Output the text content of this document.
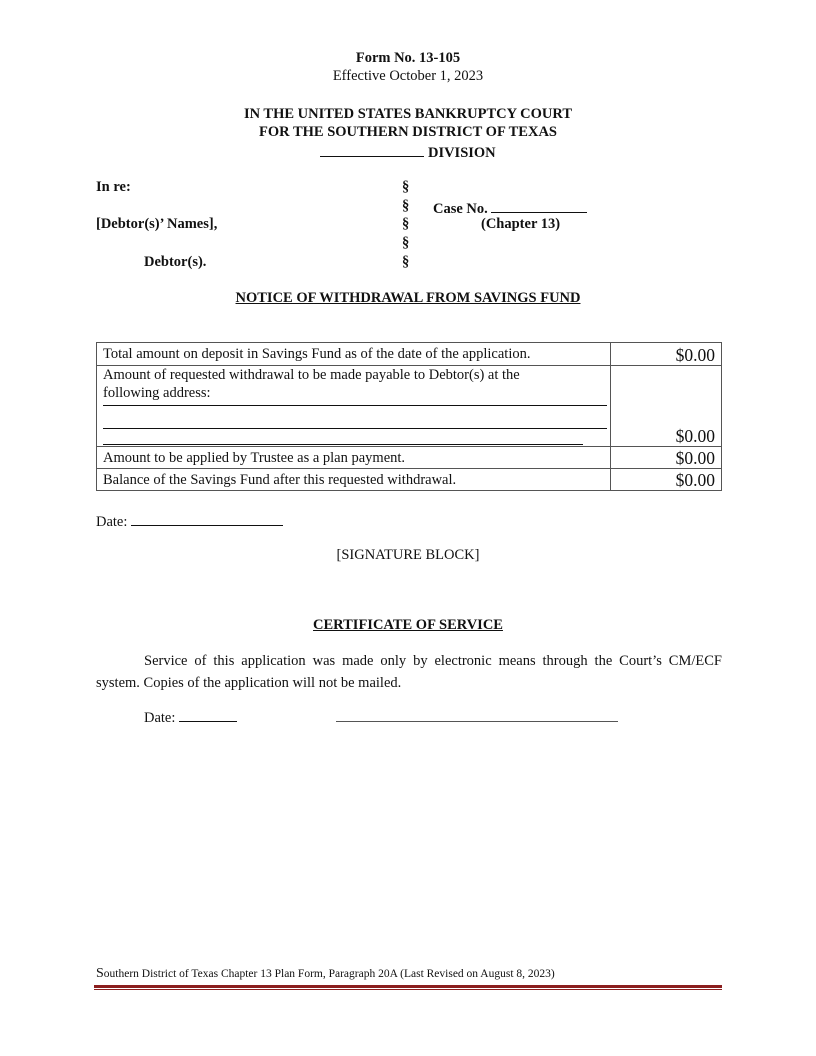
Form No. 13-105
Effective October 1, 2023
IN THE UNITED STATES BANKRUPTCY COURT
FOR THE SOUTHERN DISTRICT OF TEXAS
DIVISION
In re:
[Debtor(s)’ Names],
Debtor(s).
§
§
§
§
§
Case No.
(Chapter 13)
NOTICE OF WITHDRAWAL FROM SAVINGS FUND
Total amount on deposit in Savings Fund as of the date of the application.	$0.00

Amount of requested withdrawal to be made payable to Debtor(s) at the following address:	$0.00
Amount to be applied by Trustee as a plan payment.	$0.00
Balance of the Savings Fund after this requested withdrawal.	$0.00
Date:
[SIGNATURE BLOCK]
CERTIFICATE OF SERVICE
Service of this application was made only by electronic means through the Court’s CM/ECF system. Copies of the application will not be mailed.
Date:
Southern District of Texas Chapter 13 Plan Form, Paragraph 20A (Last Revised on August 8, 2023)
